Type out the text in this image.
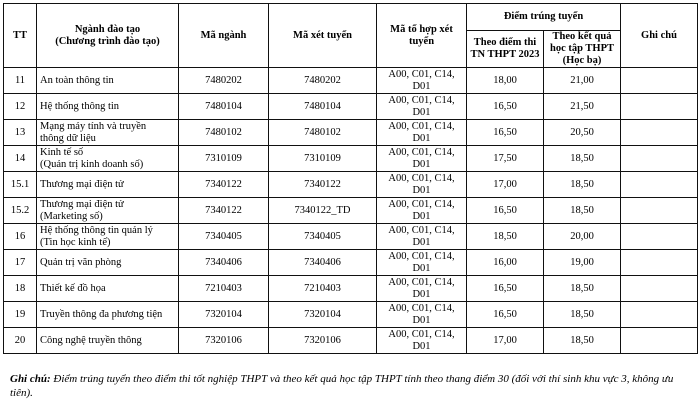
TT	Ngành đào tạo
(Chương trình đào tạo)	Mã ngành	Mã xét tuyển	Mã tổ hợp xét tuyển	Điểm trúng tuyển		Ghi chú
					Theo điểm thi TN THPT 2023	Theo kết quả học tập THPT (Học bạ)	
11	An toàn thông tin	7480202	7480202	A00, C01, C14, D01	18,00	21,00	
12	Hệ thống thông tin	7480104	7480104	A00, C01, C14, D01	16,50	21,50	
13	Mạng máy tính và truyền
thông dữ liệu	7480102	7480102	A00, C01, C14, D01	16,50	20,50	
14	Kinh tế số
(Quản trị kinh doanh số)	7310109	7310109	A00, C01, C14, D01	17,50	18,50	
15.1	Thương mại điện tử	7340122	7340122	A00, C01, C14, D01	17,00	18,50	
15.2	Thương mại điện tử
(Marketing số)	7340122	7340122_TD	A00, C01, C14, D01	16,50	18,50	
16	Hệ thống thông tin quản lý
(Tin học kinh tế)	7340405	7340405	A00, C01, C14, D01	18,50	20,00	
17	Quản trị văn phòng	7340406	7340406	A00, C01, C14, D01	16,00	19,00	
18	Thiết kế đồ họa	7210403	7210403	A00, C01, C14, D01	16,50	18,50	
19	Truyền thông đa phương tiện	7320104	7320104	A00, C01, C14, D01	16,50	18,50	
20	Công nghệ truyền thông	7320106	7320106	A00, C01, C14, D01	17,00	18,50	
Ghi chú: Điểm trúng tuyển theo điểm thi tốt nghiệp THPT và theo kết quả học tập THPT tính theo thang điểm 30 (đối với thí sinh khu vực 3, không ưu tiên).
